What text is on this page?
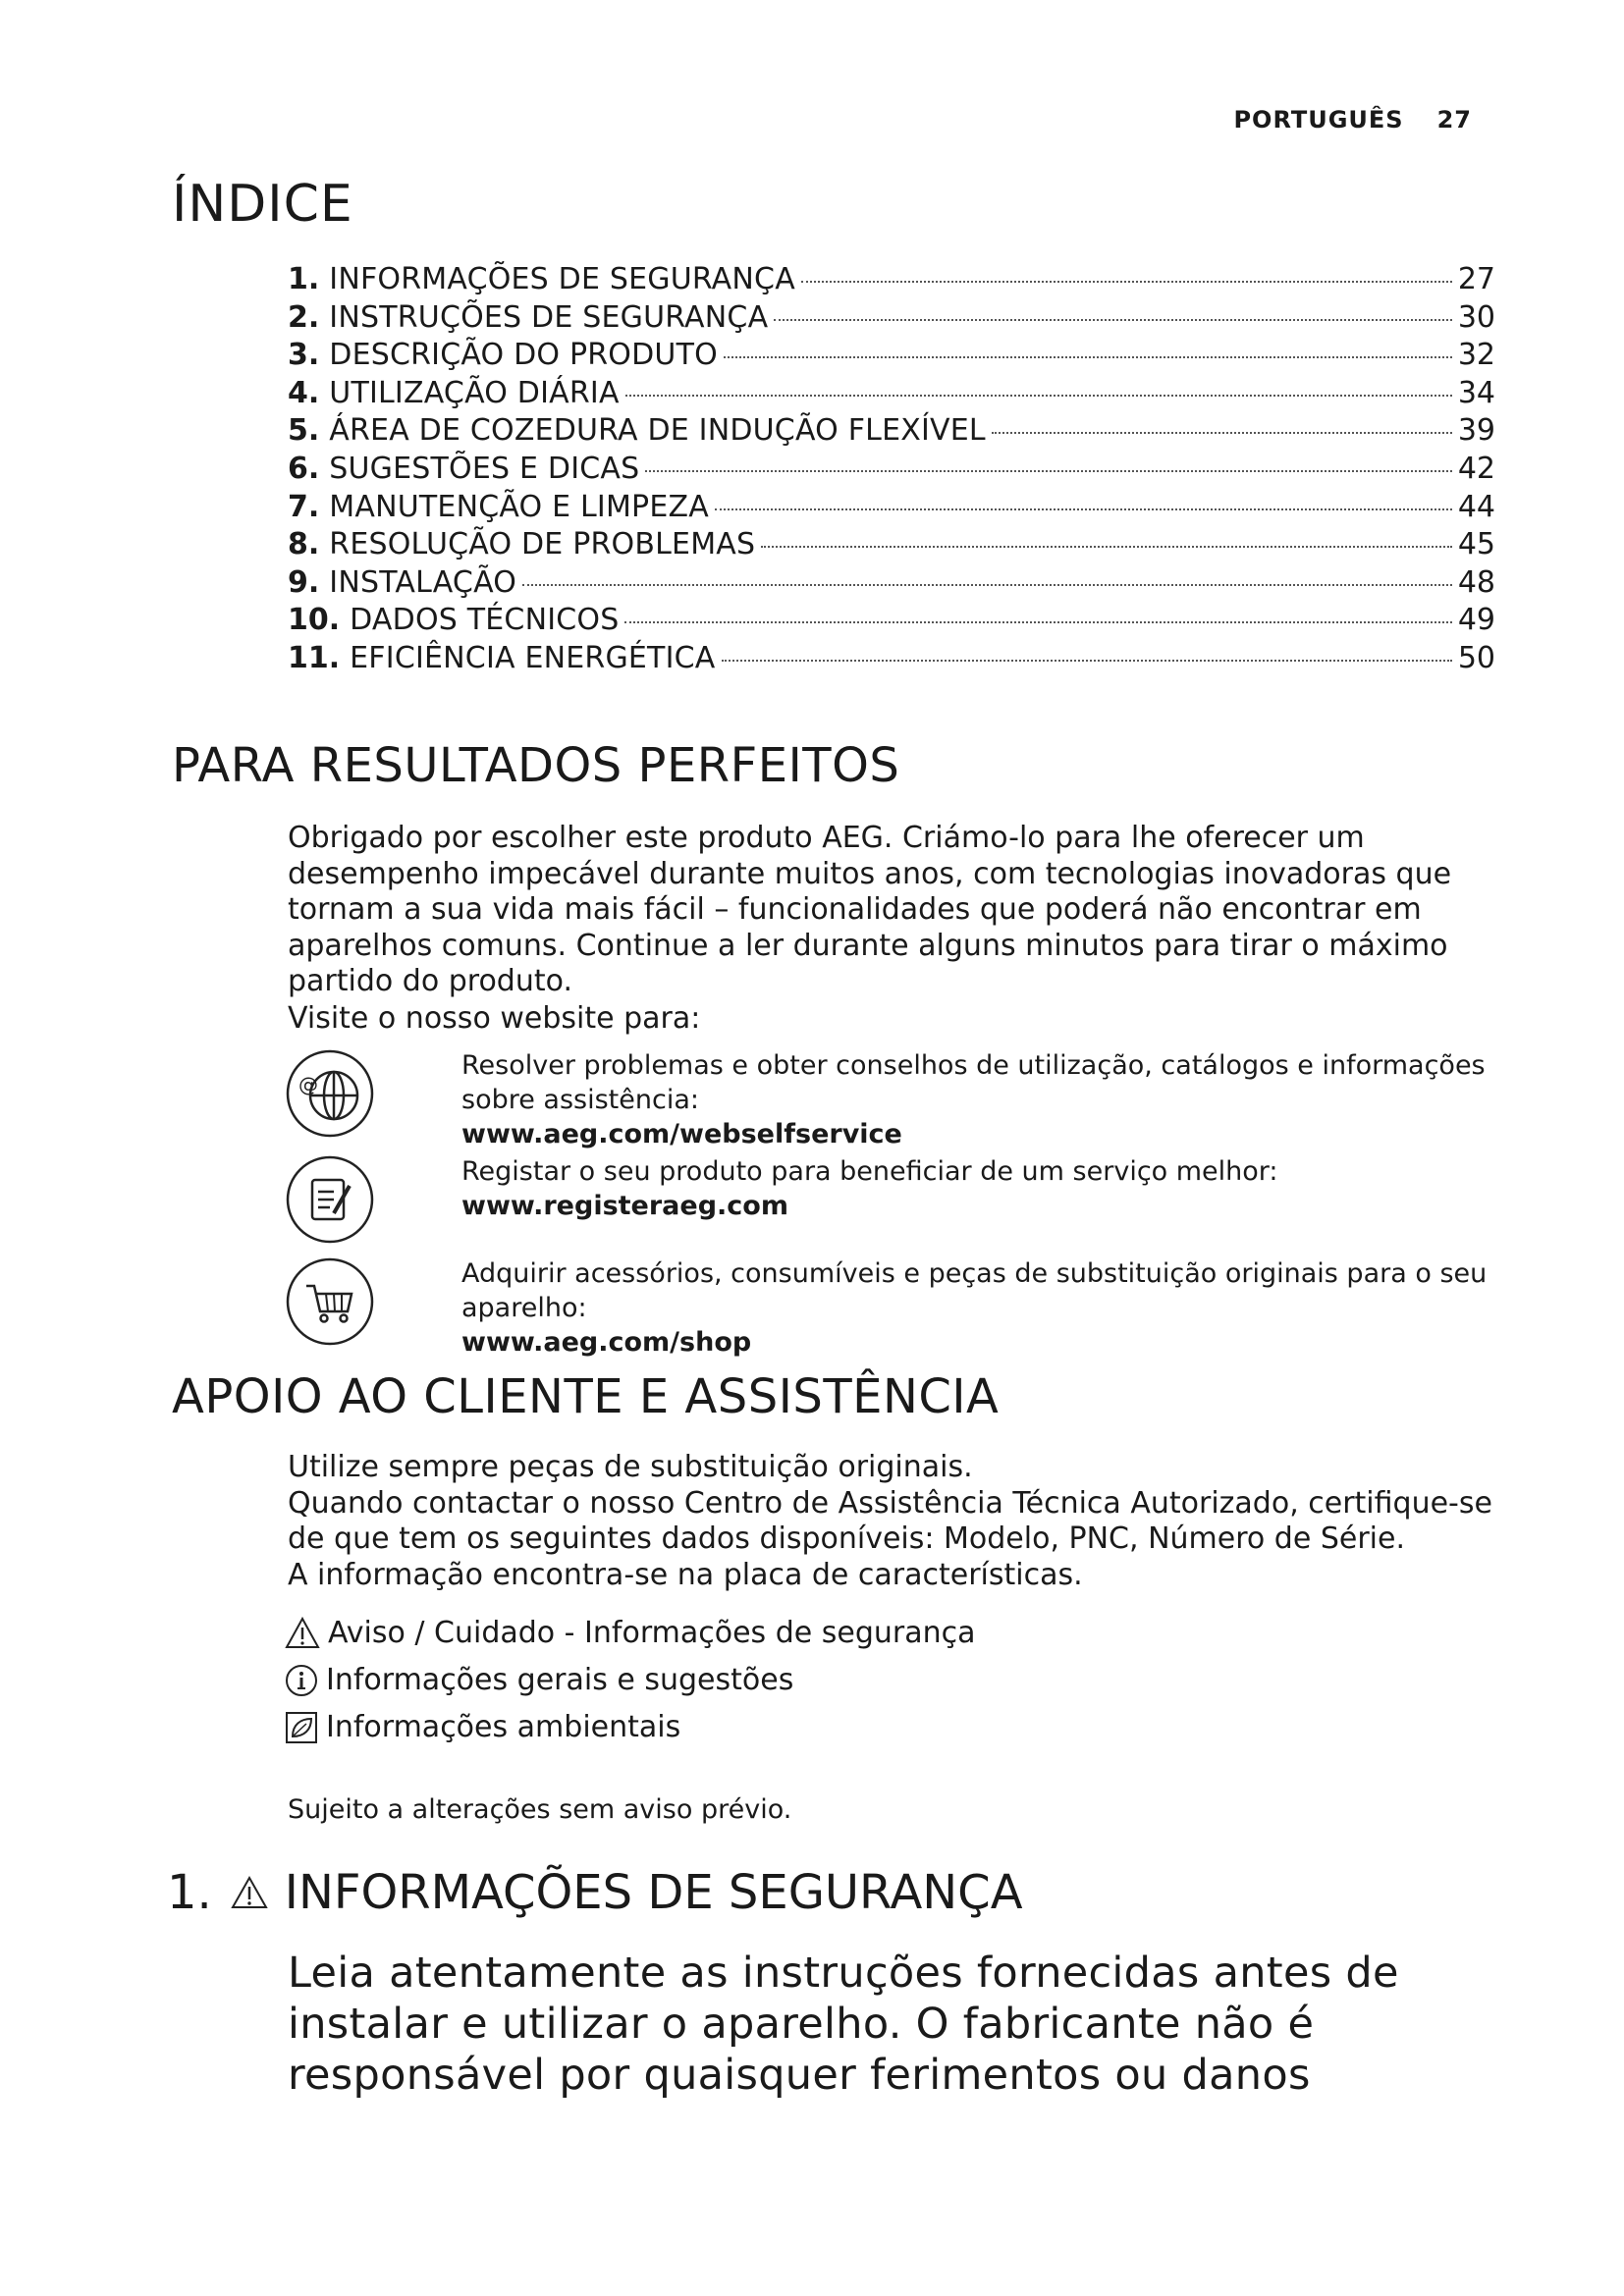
PORTUGUÊS 27
ÍNDICE
1. INFORMAÇÕES DE SEGURANÇA	27
2. INSTRUÇÕES DE SEGURANÇA	30
3. DESCRIÇÃO DO PRODUTO	32
4. UTILIZAÇÃO DIÁRIA	34
5. ÁREA DE COZEDURA DE INDUÇÃO FLEXÍVEL	39
6. SUGESTÕES E DICAS	42
7. MANUTENÇÃO E LIMPEZA	44
8. RESOLUÇÃO DE PROBLEMAS	45
9. INSTALAÇÃO	48
10. DADOS TÉCNICOS	49
11. EFICIÊNCIA ENERGÉTICA	50
PARA RESULTADOS PERFEITOS

Obrigado por escolher este produto AEG. Criámo-lo para lhe oferecer um desempenho impecável durante muitos anos, com tecnologias inovadoras que tornam a sua vida mais fácil – funcionalidades que poderá não encontrar em aparelhos comuns. Continue a ler durante alguns minutos para tirar o máximo partido do produto.

Visite o nosso website para:

@
Resolver problemas e obter conselhos de utilização, catálogos e informações sobre assistência:
www.aeg.com/webselfservice
Registar o seu produto para beneficiar de um serviço melhor:
www.registeraeg.com
Adquirir acessórios, consumíveis e peças de substituição originais para o seu aparelho:
www.aeg.com/shop
APOIO AO CLIENTE E ASSISTÊNCIA
Utilize sempre peças de substituição originais.
Quando contactar o nosso Centro de Assistência Técnica Autorizado, certifique-se de que tem os seguintes dados disponíveis: Modelo, PNC, Número de Série.
A informação encontra-se na placa de características.
Aviso / Cuidado - Informações de segurança
Informações gerais e sugestões
Informações ambientais

Sujeito a alterações sem aviso prévio.

1. INFORMAÇÕES DE SEGURANÇA

Leia atentamente as instruções fornecidas antes de instalar e utilizar o aparelho. O fabricante não é responsável por quaisquer ferimentos ou danos
